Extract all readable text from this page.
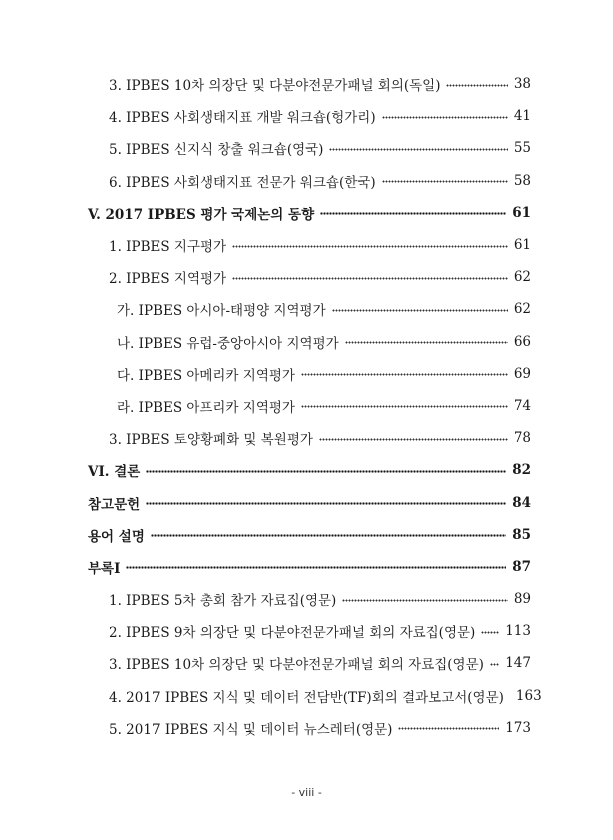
3. IPBES 10차 의장단 및 다분야전문가패널 회의(독일)	38
4. IPBES 사회생태지표 개발 워크숍(헝가리)	41
5. IPBES 신지식 창출 워크숍(영국)	55
6. IPBES 사회생태지표 전문가 워크숍(한국)	58
V. 2017 IPBES 평가 국제논의 동향	61
1. IPBES 지구평가	61
2. IPBES 지역평가	62
가. IPBES 아시아-태평양 지역평가	62
나. IPBES 유럽-중앙아시아 지역평가	66
다. IPBES 아메리카 지역평가	69
라. IPBES 아프리카 지역평가	74
3. IPBES 토양황폐화 및 복원평가	78
VI. 결론	82
참고문헌	84
용어 설명	85
부록I	87
1. IPBES 5차 총회 참가 자료집(영문)	89
2. IPBES 9차 의장단 및 다분야전문가패널 회의 자료집(영문) 113
3. IPBES 10차 의장단 및 다분야전문가패널 회의 자료집(영문) 147
4. 2017 IPBES 지식 및 데이터 전담반(TF)회의 결과보고서(영문) 163
5. 2017 IPBES 지식 및 데이터 뉴스레터(영문)	173
- viii -
